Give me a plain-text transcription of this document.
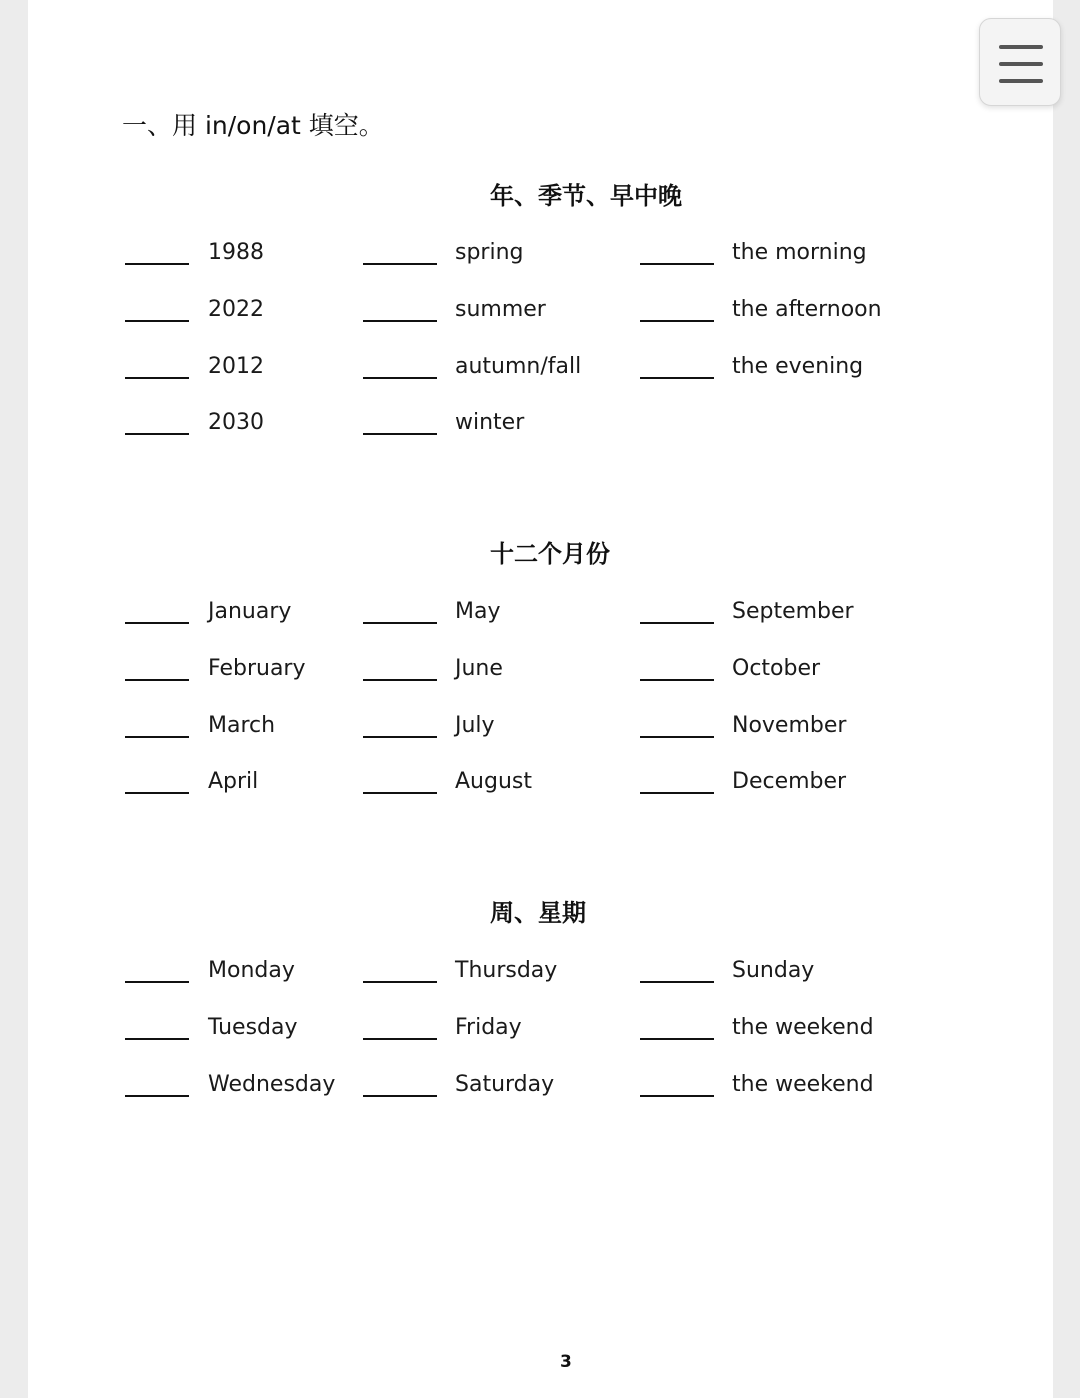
一、用 in/on/at 填空。
年、季节、早中晚
1988	spring	the morning
2022	summer	the afternoon
2012	autumn/fall	the evening
2030	winter
十二个月份
January	May	September
February	June	October
March	July	November
April	August	December
周、星期
Monday	Thursday	Sunday
Tuesday	Friday	the weekend
Wednesday	Saturday	the weekend
3
